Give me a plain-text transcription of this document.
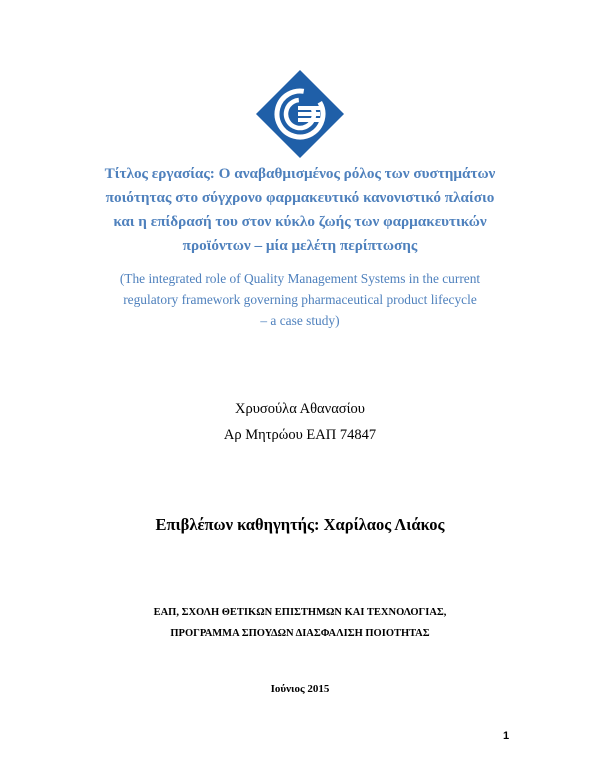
Τίτλος εργασίας: Ο αναβαθμισμένος ρόλος των συστημάτων
ποιότητας στο σύγχρονο φαρμακευτικό κανονιστικό πλαίσιο
και η επίδρασή του στον κύκλο ζωής των φαρμακευτικών
προϊόντων – μία μελέτη περίπτωσης
(The integrated role of Quality Management Systems in the current
regulatory framework governing pharmaceutical product lifecycle
– a case study)
Χρυσούλα Αθανασίου
Αρ Μητρώου ΕΑΠ 74847
Επιβλέπων καθηγητής: Χαρίλαος Λιάκος
ΕΑΠ, ΣΧΟΛΗ ΘΕΤΙΚΩΝ ΕΠΙΣΤΗΜΩΝ ΚΑΙ ΤΕΧΝΟΛΟΓΙΑΣ,
ΠΡΟΓΡΑΜΜΑ ΣΠΟΥΔΩΝ ΔΙΑΣΦΑΛΙΣΗ ΠΟΙΟΤΗΤΑΣ
Ιούνιος 2015
1
